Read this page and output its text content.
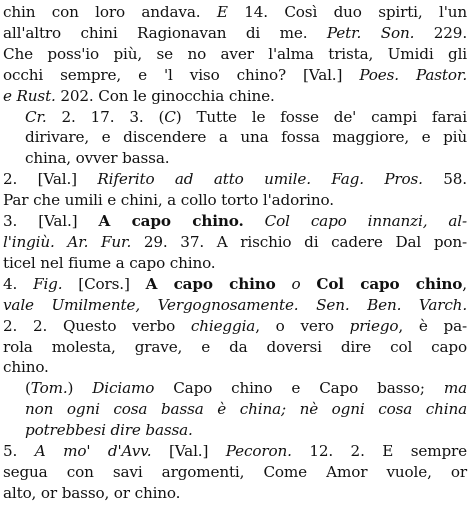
chin con loro andava. E 14. Così duo spirti, l'un
all'altro chini Ragionavan di me. Petr. Son. 229.
Che poss'io più, se no aver l'alma trista, Umidi gli
occhi sempre, e 'l viso chino? [Val.] Poes. Pastor.
e Rust. 202. Con le ginocchia chine.
Cr. 2. 17. 3. (C) Tutte le fosse de' campi farai
dirivare, e discendere a una fossa maggiore, e più
china, ovver bassa.
2. [Val.] Riferito ad atto umile. Fag. Pros. 58.
Par che umili e chini, a collo torto l'adorino.
3. [Val.] A capo chino. Col capo innanzi, al-
l'ingiù. Ar. Fur. 29. 37. A rischio di cadere Dal pon-
ticel nel fiume a capo chino.
4. Fig. [Cors.] A capo chino o Col capo chino,
vale Umilmente, Vergognosamente. Sen. Ben. Varch.
2. 2. Questo verbo chieggia, o vero priego, è pa-
rola molesta, grave, e da doversi dire col capo
chino.
(Tom.) Diciamo Capo chino e Capo basso; ma
non ogni cosa bassa è china; nè ogni cosa china
potrebbesi dire bassa.
5. A mo' d'Avv. [Val.] Pecoron. 12. 2. E sempre
segua con savi argomenti, Come Amor vuole, or
alto, or basso, or chino.
